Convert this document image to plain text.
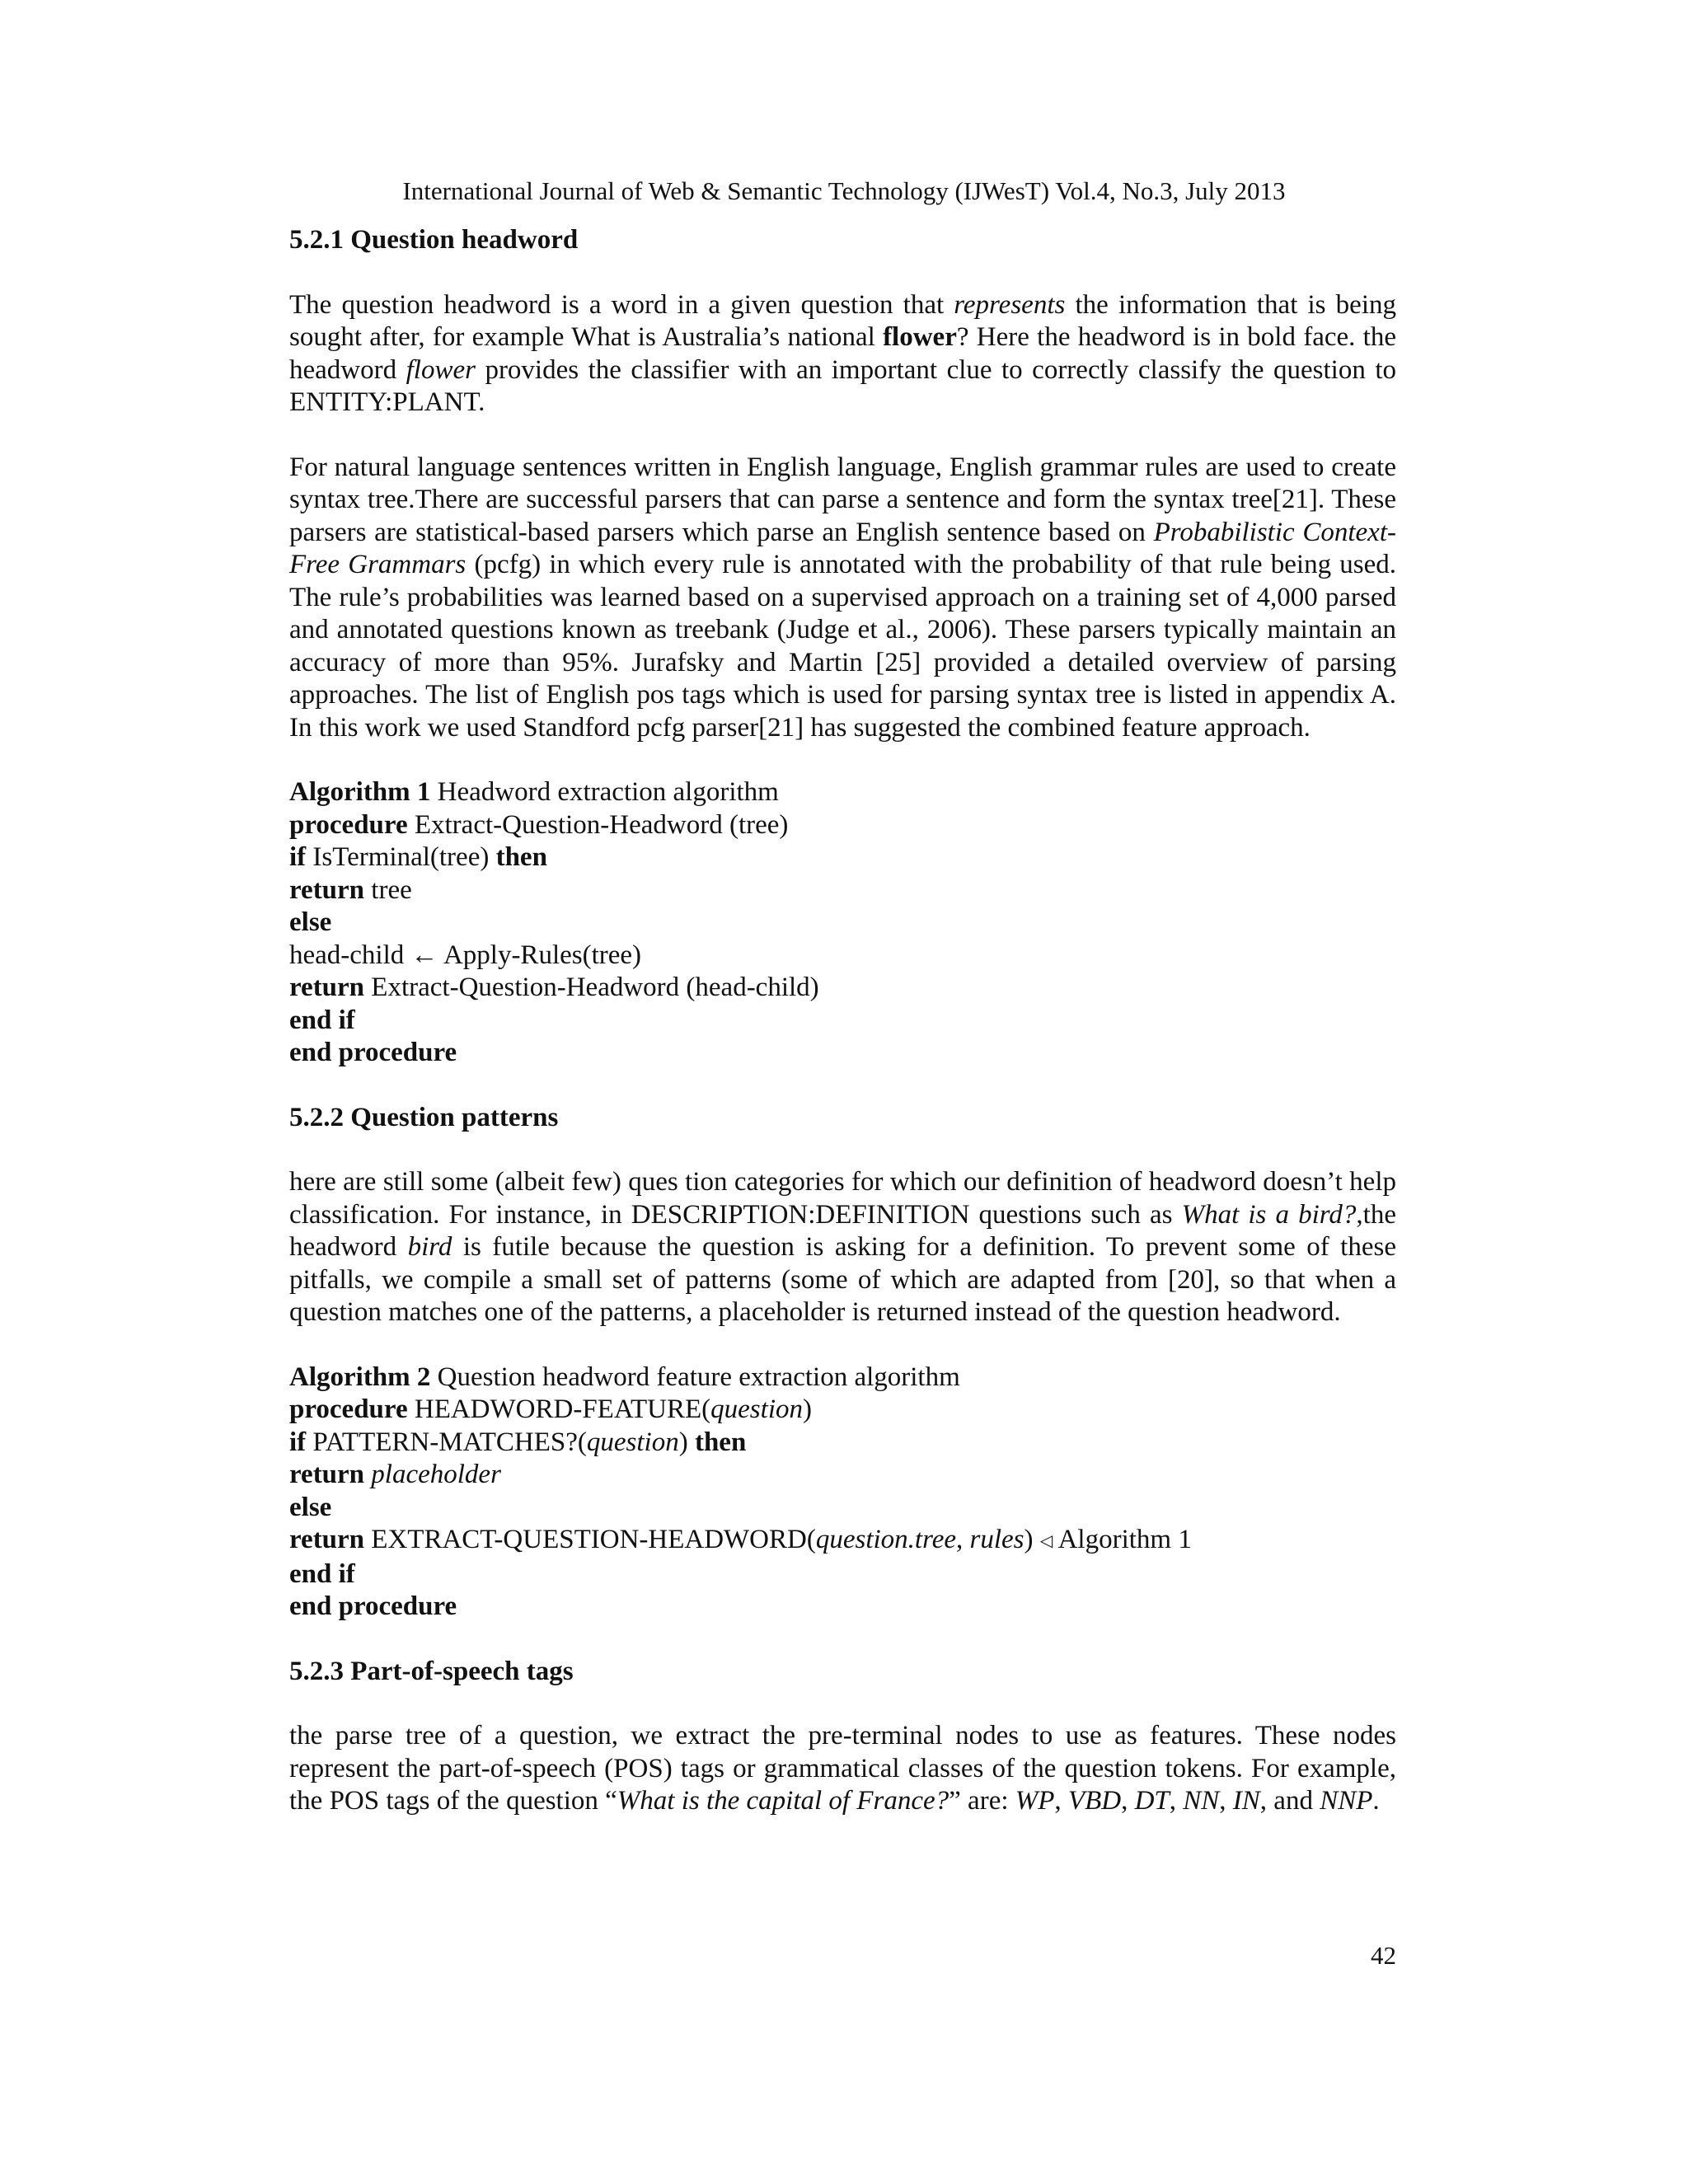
International Journal of Web & Semantic Technology (IJWesT) Vol.4, No.3, July 2013
5.2.1 Question headword

The question headword is a word in a given question that represents the information that is being sought after, for example What is Australia’s national flower? Here the headword is in bold face. the headword flower provides the classifier with an important clue to correctly classify the question to ENTITY:PLANT.

For natural language sentences written in English language, English grammar rules are used to create syntax tree.There are successful parsers that can parse a sentence and form the syntax tree[21]. These parsers are statistical-based parsers which parse an English sentence based on Probabilistic Context-Free Grammars (pcfg) in which every rule is annotated with the probability of that rule being used. The rule’s probabilities was learned based on a supervised approach on a training set of 4,000 parsed and annotated questions known as treebank (Judge et al., 2006). These parsers typically maintain an accuracy of more than 95%. Jurafsky and Martin [25] provided a detailed overview of parsing approaches. The list of English pos tags which is used for parsing syntax tree is listed in appendix A. In this work we used Standford pcfg parser[21] has suggested the combined feature approach.

Algorithm 1 Headword extraction algorithm
procedure Extract-Question-Headword (tree)
if IsTerminal(tree) then
return tree
else
head-child ← Apply-Rules(tree)
return Extract-Question-Headword (head-child)
end if
end procedure
5.2.2 Question patterns

here are still some (albeit few) ques tion categories for which our definition of headword doesn’t help classification. For instance, in DESCRIPTION:DEFINITION questions such as What is a bird?,the headword bird is futile because the question is asking for a definition. To prevent some of these pitfalls, we compile a small set of patterns (some of which are adapted from [20], so that when a question matches one of the patterns, a placeholder is returned instead of the question headword.

Algorithm 2 Question headword feature extraction algorithm
procedure HEADWORD-FEATURE(question)
if PATTERN-MATCHES?(question) then
return placeholder
else
return EXTRACT-QUESTION-HEADWORD(question.tree, rules) ◁ Algorithm 1
end if
end procedure
5.2.3 Part-of-speech tags

the parse tree of a question, we extract the pre-terminal nodes to use as features. These nodes represent the part-of-speech (POS) tags or grammatical classes of the question tokens. For example, the POS tags of the question “What is the capital of France?” are: WP, VBD, DT, NN, IN, and NNP.

42
